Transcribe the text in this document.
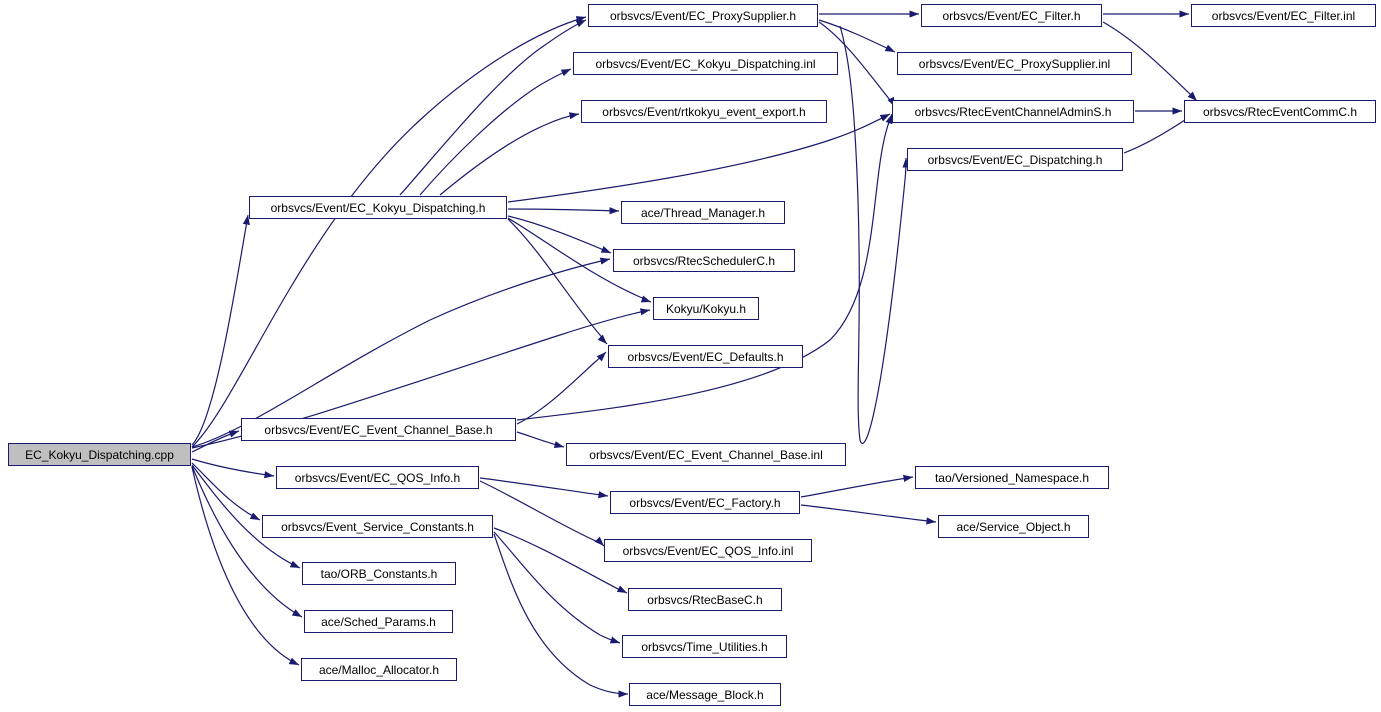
EC_Kokyu_Dispatching.cpp
orbsvcs/Event/EC_ProxySupplier.h	orbsvcs/Event/EC_Filter.h	orbsvcs/Event/EC_Filter.inl
orbsvcs/Event/EC_Kokyu_Dispatching.inl	orbsvcs/Event/EC_ProxySupplier.inl
orbsvcs/Event/rtkokyu_event_export.h	orbsvcs/RtecEventChannelAdminS.h	orbsvcs/RtecEventCommC.h
orbsvcs/Event/EC_Dispatching.h
orbsvcs/Event/EC_Kokyu_Dispatching.h	ace/Thread_Manager.h
orbsvcs/RtecSchedulerC.h
Kokyu/Kokyu.h
orbsvcs/Event/EC_Defaults.h
orbsvcs/Event/EC_Event_Channel_Base.h
orbsvcs/Event/EC_Event_Channel_Base.inl
orbsvcs/Event/EC_QOS_Info.h
orbsvcs/Event/EC_Factory.h
tao/Versioned_Namespace.h
ace/Service_Object.h
orbsvcs/Event_Service_Constants.h
orbsvcs/Event/EC_QOS_Info.inl
tao/ORB_Constants.h
orbsvcs/RtecBaseC.h
ace/Sched_Params.h
orbsvcs/Time_Utilities.h
ace/Malloc_Allocator.h
ace/Message_Block.h
